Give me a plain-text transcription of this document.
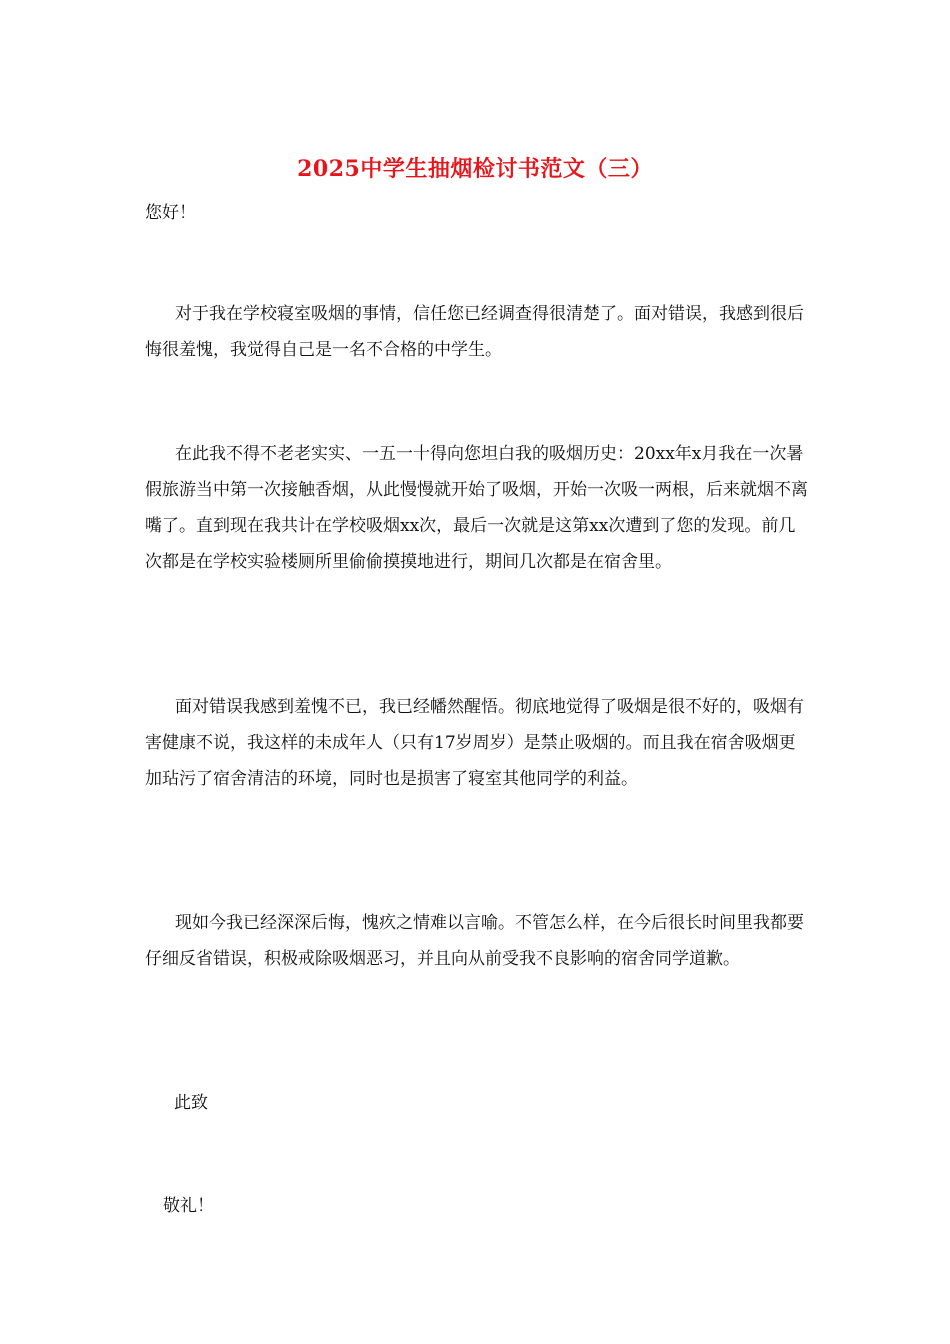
2025中学生抽烟检讨书范文（三）
您好！
对于我在学校寝室吸烟的事情，信任您已经调查得很清楚了。面对错误，我感到很后悔很羞愧，我觉得自己是一名不合格的中学生。
在此我不得不老老实实、一五一十得向您坦白我的吸烟历史：20xx年x月我在一次暑假旅游当中第一次接触香烟，从此慢慢就开始了吸烟，开始一次吸一两根，后来就烟不离嘴了。直到现在我共计在学校吸烟xx次，最后一次就是这第xx次遭到了您的发现。前几次都是在学校实验楼厕所里偷偷摸摸地进行，期间几次都是在宿舍里。
面对错误我感到羞愧不已，我已经幡然醒悟。彻底地觉得了吸烟是很不好的，吸烟有害健康不说，我这样的未成年人（只有17岁周岁）是禁止吸烟的。而且我在宿舍吸烟更加玷污了宿舍清洁的环境，同时也是损害了寝室其他同学的利益。
现如今我已经深深后悔，愧疚之情难以言喻。不管怎么样，在今后很长时间里我都要仔细反省错误，积极戒除吸烟恶习，并且向从前受我不良影响的宿舍同学道歉。
此致
敬礼！
